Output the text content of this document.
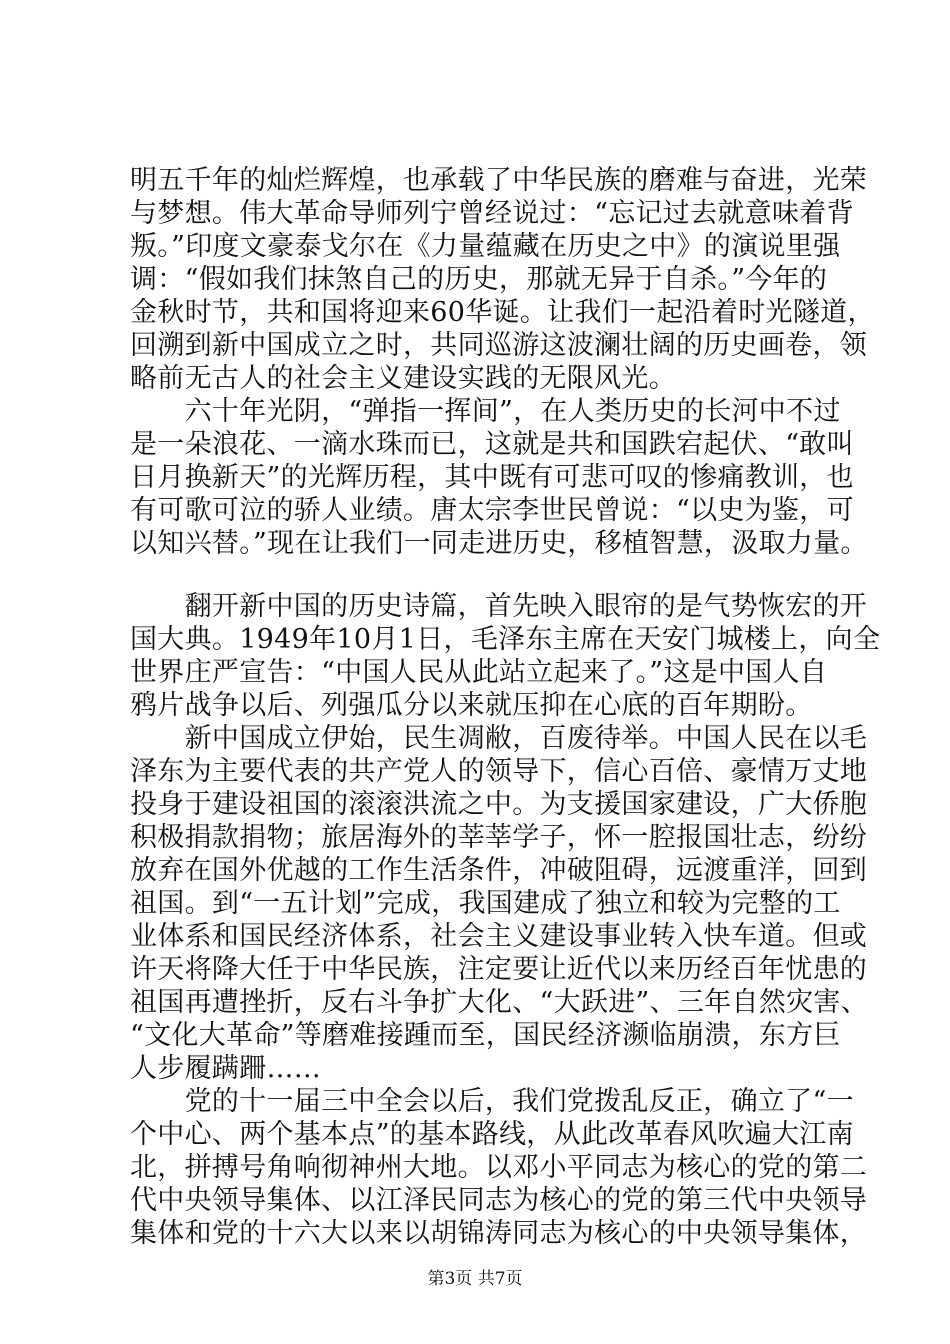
明五千年的灿烂辉煌，也承载了中华民族的磨难与奋进，光荣
与梦想。伟大革命导师列宁曾经说过：“忘记过去就意味着背
叛。”印度文豪泰戈尔在《力量蕴藏在历史之中》的演说里强
调：“假如我们抹煞自己的历史，那就无异于自杀。”今年的
金秋时节，共和国将迎来60华诞。让我们一起沿着时光隧道，
回溯到新中国成立之时，共同巡游这波澜壮阔的历史画卷，领
略前无古人的社会主义建设实践的无限风光。
　　六十年光阴，“弹指一挥间”，在人类历史的长河中不过
是一朵浪花、一滴水珠而已，这就是共和国跌宕起伏、“敢叫
日月换新天”的光辉历程，其中既有可悲可叹的惨痛教训，也
有可歌可泣的骄人业绩。唐太宗李世民曾说：“以史为鉴，可
以知兴替。”现在让我们一同走进历史，移植智慧，汲取力量。
　　翻开新中国的历史诗篇，首先映入眼帘的是气势恢宏的开
国大典。1949年10月1日，毛泽东主席在天安门城楼上，向全
世界庄严宣告：“中国人民从此站立起来了。”这是中国人自
鸦片战争以后、列强瓜分以来就压抑在心底的百年期盼。
　　新中国成立伊始，民生凋敝，百废待举。中国人民在以毛
泽东为主要代表的共产党人的领导下，信心百倍、豪情万丈地
投身于建设祖国的滚滚洪流之中。为支援国家建设，广大侨胞
积极捐款捐物；旅居海外的莘莘学子，怀一腔报国壮志，纷纷
放弃在国外优越的工作生活条件，冲破阻碍，远渡重洋，回到
祖国。到“一五计划”完成，我国建成了独立和较为完整的工
业体系和国民经济体系，社会主义建设事业转入快车道。但或
许天将降大任于中华民族，注定要让近代以来历经百年忧患的
祖国再遭挫折，反右斗争扩大化、“大跃进”、三年自然灾害、
“文化大革命”等磨难接踵而至，国民经济濒临崩溃，东方巨
人步履蹒跚……
　　党的十一届三中全会以后，我们党拨乱反正，确立了“一
个中心、两个基本点”的基本路线，从此改革春风吹遍大江南
北，拼搏号角响彻神州大地。以邓小平同志为核心的党的第二
代中央领导集体、以江泽民同志为核心的党的第三代中央领导
集体和党的十六大以来以胡锦涛同志为核心的中央领导集体，
第3页 共7页
